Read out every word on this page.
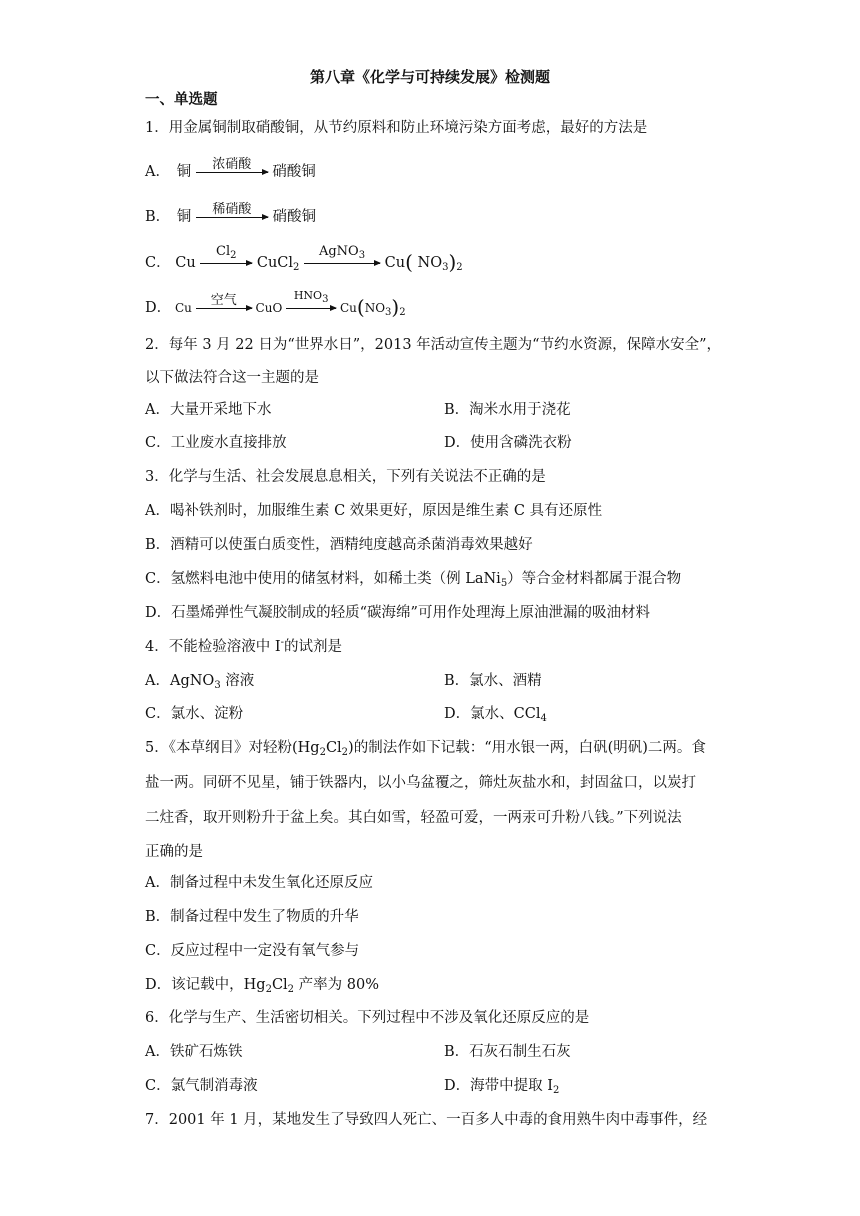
第八章《化学与可持续发展》检测题
一、单选题
1．用金属铜制取硝酸铜，从节约原料和防止环境污染方面考虑，最好的方法是
A． 铜	浓硝酸	硝酸铜
B． 铜	稀硝酸	硝酸铜
C． Cu
$Cl_2$	CuCl$_2$
AgNO$_3$	Cu( $NO_3)_2$
D． Cu	空气	CuO
$HNO_3$
$Cu(NO_3)_2$
2．每年 3 月 22 日为“世界水日”，2013 年活动宣传主题为“节约水资源，保障水安全”，
以下做法符合这一主题的是
A．大量开采地下水	B．淘米水用于浇花
C．工业废水直接排放	D．使用含磷洗衣粉
3．化学与生活、社会发展息息相关，下列有关说法不正确的是
A．喝补铁剂时，加服维生素 C 效果更好，原因是维生素 C 具有还原性
B．酒精可以使蛋白质变性，酒精纯度越高杀菌消毒效果越好
C．氢燃料电池中使用的储氢材料，如稀土类（例 LaNi$_5$）等合金材料都属于混合物
D．石墨烯弹性气凝胶制成的轻质“碳海绵”可用作处理海上原油泄漏的吸油材料
4．不能检验溶液中 I-的试剂是
A．AgNO$_3$ 溶液	B．氯水、酒精
C．氯水、淀粉	D．氯水、CCl$_4$
5．《本草纲目》对轻粉$(Hg_2Cl_2)$的制法作如下记载：“用水银一两，白矾(明矾)二两。食
盐一两。同研不见星，铺于铁器内，以小乌盆覆之，筛灶灰盐水和，封固盆口，以炭打
二炷香，取开则粉升于盆上矣。其白如雪，轻盈可爱，一两汞可升粉八钱。”下列说法
正确的是
A．制备过程中未发生氧化还原反应
B．制备过程中发生了物质的升华
C．反应过程中一定没有氧气参与
D．该记载中，$Hg_2Cl_2$ 产率为 80%
6．化学与生产、生活密切相关。下列过程中不涉及氧化还原反应的是
A．铁矿石炼铁	B．石灰石制生石灰
C．氯气制消毒液	D．海带中提取 $I_2$
7．2001 年 1 月，某地发生了导致四人死亡、一百多人中毒的食用熟牛肉中毒事件，经
